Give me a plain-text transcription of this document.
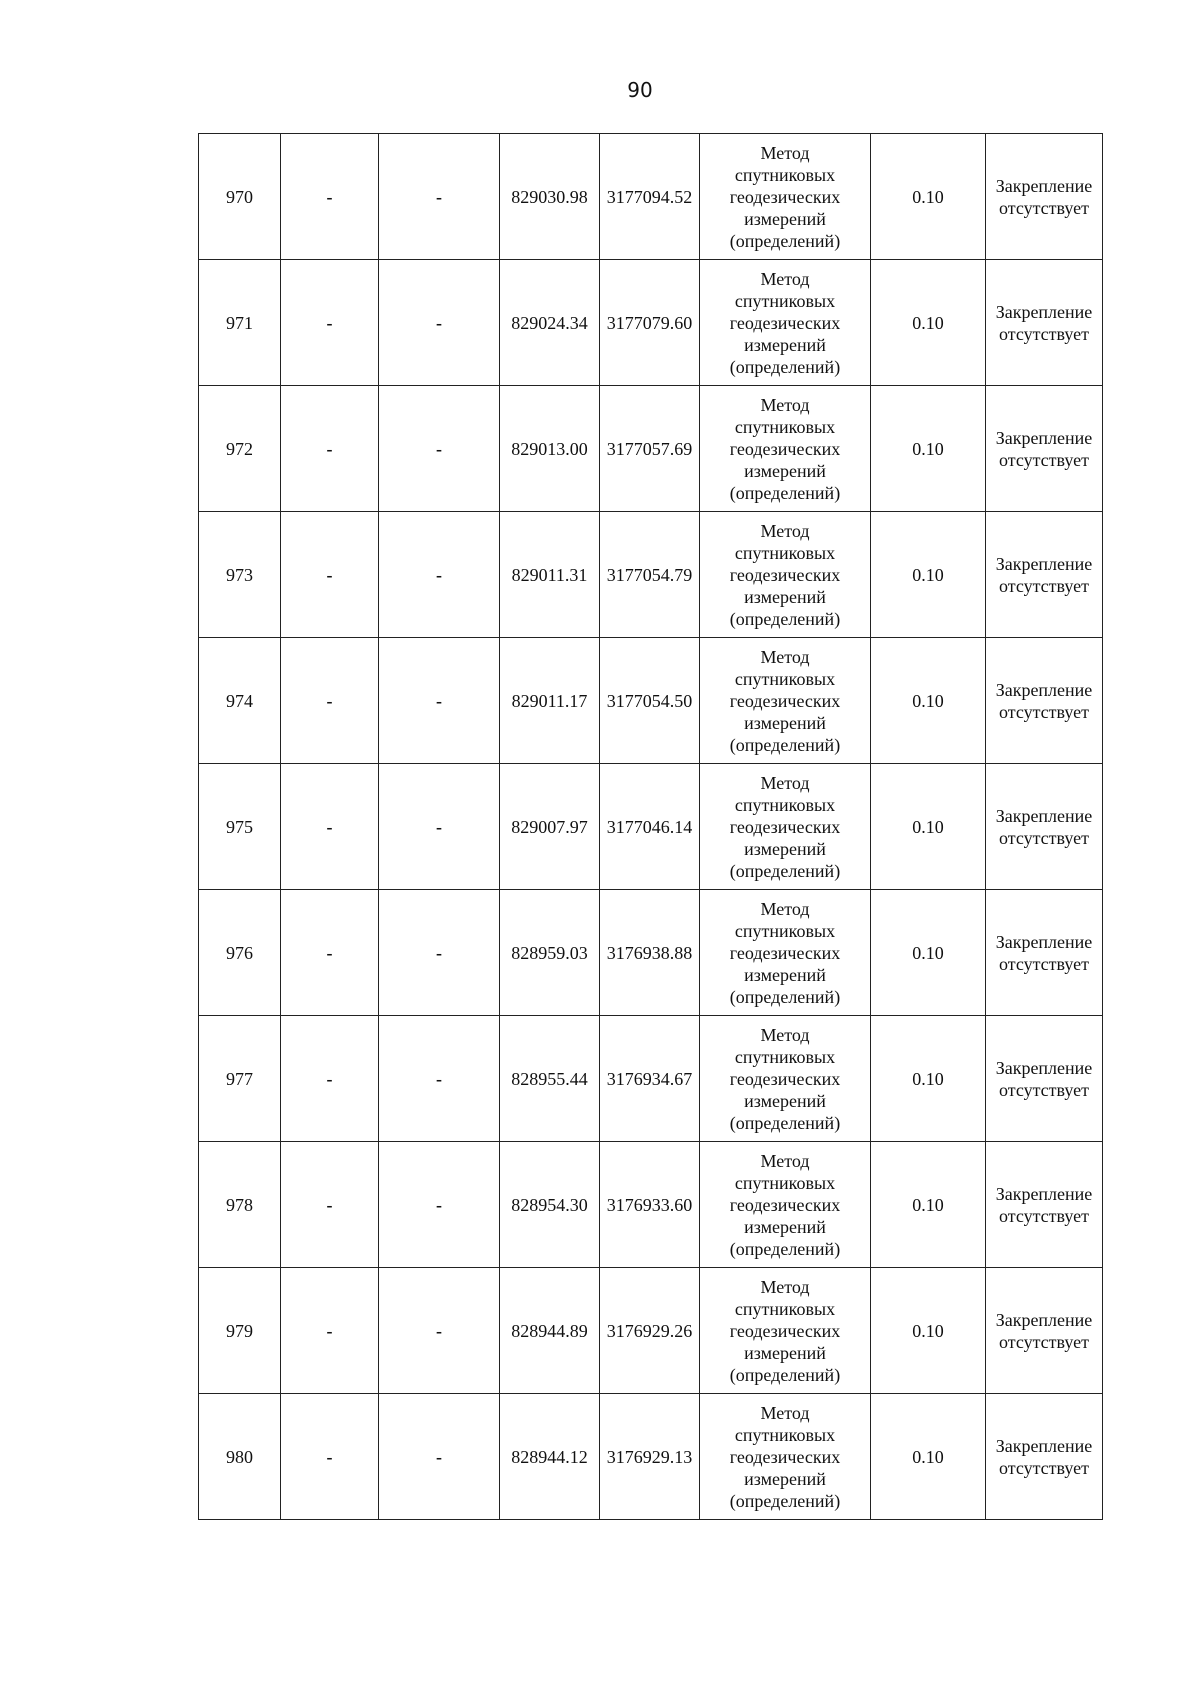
90
970	-	-	829030.98	3177094.52	Метод
спутниковых
геодезических
измерений
(определений)	0.10	Закрепление
отсутствует

971	-	-	829024.34	3177079.60	Метод
спутниковых
геодезических
измерений
(определений)	0.10	Закрепление
отсутствует

972	-	-	829013.00	3177057.69	Метод
спутниковых
геодезических
измерений
(определений)	0.10	Закрепление
отсутствует

973	-	-	829011.31	3177054.79	Метод
спутниковых
геодезических
измерений
(определений)	0.10	Закрепление
отсутствует

974	-	-	829011.17	3177054.50	Метод
спутниковых
геодезических
измерений
(определений)	0.10	Закрепление
отсутствует

975	-	-	829007.97	3177046.14	Метод
спутниковых
геодезических
измерений
(определений)	0.10	Закрепление
отсутствует

976	-	-	828959.03	3176938.88	Метод
спутниковых
геодезических
измерений
(определений)	0.10	Закрепление
отсутствует

977	-	-	828955.44	3176934.67	Метод
спутниковых
геодезических
измерений
(определений)	0.10	Закрепление
отсутствует

978	-	-	828954.30	3176933.60	Метод
спутниковых
геодезических
измерений
(определений)	0.10	Закрепление
отсутствует

979	-	-	828944.89	3176929.26	Метод
спутниковых
геодезических
измерений
(определений)	0.10	Закрепление
отсутствует

980	-	-	828944.12	3176929.13	Метод
спутниковых
геодезических
измерений
(определений)	0.10	Закрепление
отсутствует
